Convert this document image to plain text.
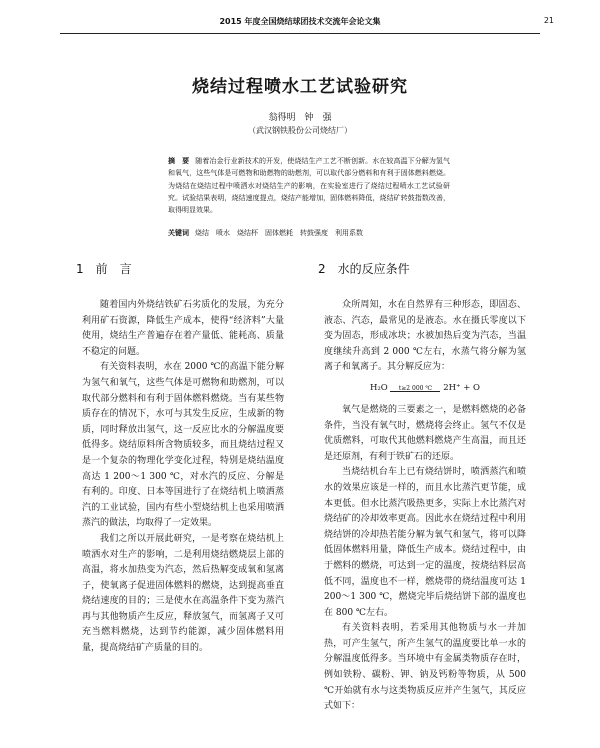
2015 年度全国烧结球团技术交流年会论文集	21
烧结过程喷水工艺试验研究
翁得明　钟　强
（武汉钢铁股份公司烧结厂）
摘　要 随着冶金行业新技术的开发，使烧结生产工艺不断创新。水在较高温下分解为氢气和氧气，这些气体是可燃物和助燃物的助燃剂，可以取代部分燃料和有利于固体燃料燃烧。为烧结在烧结过程中喷洒水对烧结生产的影响，在实验室进行了烧结过程喷水工艺试验研究。试验结果表明，烧结速度提点，烧结产能增加，固体燃料降低，烧结矿转鼓指数改善，取得明显效果。
关键词 烧结　喷水　烧结杯　固体燃耗　转鼓强度　利用系数
1 前　言

随着国内外烧结铁矿石劣质化的发展，为充分利用矿石资源，降低生产成本，使得“经济料”大量使用，烧结生产普遍存在着产量低、能耗高、质量不稳定的问题。

有关资料表明，水在 2000 ℃的高温下能分解为氢气和氧气，这些气体是可燃物和助燃剂，可以取代部分燃料和有利于固体燃料燃烧。当有某些物质存在的情况下，水可与其发生反应，生成新的物质，同时释放出氢气，这一反应比水的分解温度要低得多。烧结原料所含物质较多，而且烧结过程又是一个复杂的物理化学变化过程，特别是烧结温度高达 1 200～1 300 ℃，对水汽的反应、分解是有利的。印度、日本等国进行了在烧结机上喷洒蒸汽的工业试验，国内有些小型烧结机上也采用喷洒蒸汽的做法，均取得了一定效果。

我们之所以开展此研究，一是考察在烧结机上喷洒水对生产的影响，二是利用烧结燃烧层上部的高温，将水加热变为汽态，然后热解变成氧和氢离子，使氧离子促进固体燃料的燃烧，达到提高垂直烧结速度的目的；三是使水在高温条件下变为蒸汽再与其他物质产生反应，释放氢气，而氢离子又可充当燃料燃烧，达到节约能源，减少固体燃料用量，提高烧结矿产质量的目的。

2 水的反应条件

众所周知，水在自然界有三种形态，即固态、液态、汽态，最常见的是液态。水在摄氏零度以下变为固态，形成冰块；水被加热后变为汽态，当温度继续升高到 2 000 ℃左右，水蒸气将分解为氢离子和氧离子。其分解反应为：

H₂O t≥2 000 ℃ 2H⁺ + O

氧气是燃烧的三要素之一，是燃料燃烧的必备条件，当没有氧气时，燃烧将会终止。氢气不仅是优质燃料，可取代其他燃料燃烧产生高温，而且还是还原剂，有利于铁矿石的还原。

当烧结机台车上已有烧结饼时，喷洒蒸汽和喷水的效果应该是一样的，而且水比蒸汽更节能，成本更低。但水比蒸汽吸热更多，实际上水比蒸汽对烧结矿的冷却效率更高。因此水在烧结过程中利用烧结饼的冷却热若能分解为氧气和氢气，将可以降低固体燃料用量，降低生产成本。烧结过程中，由于燃料的燃烧，可达到一定的温度，按烧结料层高低不同，温度也不一样，燃烧带的烧结温度可达 1 200～1 300 ℃，燃烧完毕后烧结饼下部的温度也在 800 ℃左右。

有关资料表明，若采用其他物质与水一并加热，可产生氢气，所产生氢气的温度要比单一水的分解温度低得多。当环境中有金属类物质存在时，例如铁粉、碳粉、钾、钠及钙粉等物质，从 500 ℃开始就有水与这类物质反应并产生氢气，其反应式如下：
